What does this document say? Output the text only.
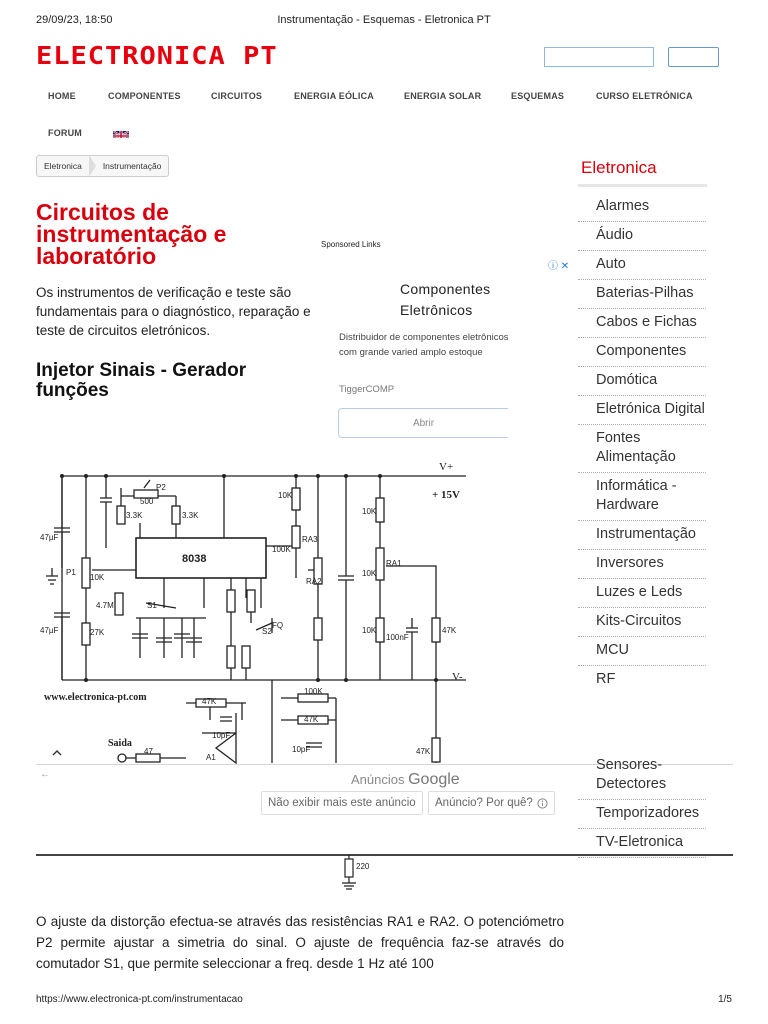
29/09/23, 18:50	Instrumentação - Esquemas - Eletronica PT
ELECTRONICA PT
HOME	COMPONENTES	CIRCUITOS	ENERGIA EÓLICA	ENERGIA SOLAR	ESQUEMAS	CURSO ELETRÓNICA
FORUM
Eletronica	Instrumentação
Circuitos de instrumentação e laboratório

Os instrumentos de verificação e teste são fundamentais para o diagnóstico, reparação e teste de circuitos eletrónicos.

Injetor Sinais - Gerador funções
Sponsored Links
ⓘ ✕
Componentes Eletrônicos
Distribuidor de componentes eletrônicos com grande varied amplo estoque
TiggerCOMP
Abrir
V+
+ 15V
V-
8038
P2
500
3.3K	3.3K
P1
10K
47µF
47µF
4.7M
27K
S1
10K
100K
RA2
RA3
10K
RA1
10K
10K
100nF
47K
S2
FQ
47K
10pF
100K
47K
10pF	47K
47
A1
Saida
www.electronica-pt.com
←	Anúncios Google
Não exibir mais este anúncio	Anúncio? Por quê?
220

O ajuste da distorção efectua-se através das resistências RA1 e RA2. O potenciómetro P2 permite ajustar a simetria do sinal. O ajuste de frequência faz-se através do comutador S1, que permite seleccionar a freq. desde 1 Hz até 100

Eletronica
Alarmes
Áudio
Auto
Baterias-Pilhas
Cabos e Fichas
Componentes
Domótica
Eletrónica Digital
Fontes Alimentação
Informática - Hardware
Instrumentação
Inversores
Luzes e Leds
Kits-Circuitos
MCU
RF
Sensores-Detectores
Temporizadores
TV-Eletronica
https://www.electronica-pt.com/instrumentacao	1/5
